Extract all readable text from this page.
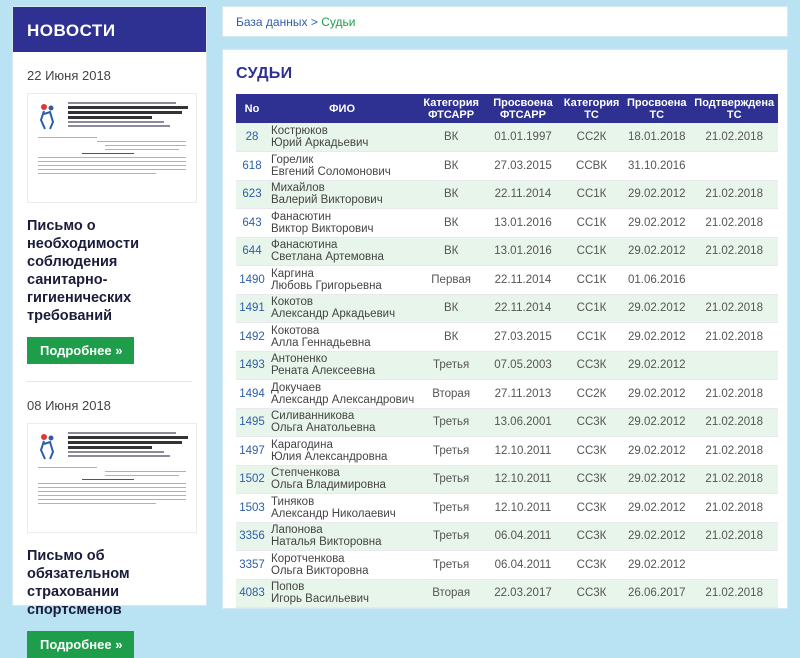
НОВОСТИ
22 Июня 2018
Письмо о необходимости соблюдения санитарно-гигиенических требований
Подробнее »
08 Июня 2018
Письмо об обязательном страховании спортсменов
Подробнее »
База данных > Судьи
СУДЬИ
No	ФИО	Категория ФТСАРР	Просвоена ФТСАРР	Категория ТС	Просвоена ТС	Подтверждена ТС
28	Кострюков
Юрий Аркадьевич	ВК	01.01.1997	СС2К	18.01.2018	21.02.2018
618	Горелик
Евгений Соломонович	ВК	27.03.2015	ССВК	31.10.2016	
623	Михайлов
Валерий Викторович	ВК	22.11.2014	СС1К	29.02.2012	21.02.2018
643	Фанасютин
Виктор Викторович	ВК	13.01.2016	СС1К	29.02.2012	21.02.2018
644	Фанасютина
Светлана Артемовна	ВК	13.01.2016	СС1К	29.02.2012	21.02.2018
1490	Каргина
Любовь Григорьевна	Первая	22.11.2014	СС1К	01.06.2016	
1491	Кокотов
Александр Аркадьевич	ВК	22.11.2014	СС1К	29.02.2012	21.02.2018
1492	Кокотова
Алла Геннадьевна	ВК	27.03.2015	СС1К	29.02.2012	21.02.2018
1493	Антоненко
Рената Алексеевна	Третья	07.05.2003	СС3К	29.02.2012	
1494	Докучаев
Александр Александрович	Вторая	27.11.2013	СС2К	29.02.2012	21.02.2018
1495	Силиванникова
Ольга Анатольевна	Третья	13.06.2001	СС3К	29.02.2012	21.02.2018
1497	Карагодина
Юлия Александровна	Третья	12.10.2011	СС3К	29.02.2012	21.02.2018
1502	Степченкова
Ольга Владимировна	Третья	12.10.2011	СС3К	29.02.2012	21.02.2018
1503	Тиняков
Александр Николаевич	Третья	12.10.2011	СС3К	29.02.2012	21.02.2018
3356	Лапонова
Наталья Викторовна	Третья	06.04.2011	СС3К	29.02.2012	21.02.2018
3357	Коротченкова
Ольга Викторовна	Третья	06.04.2011	СС3К	29.02.2012	
4083	Попов
Игорь Васильевич	Вторая	22.03.2017	СС3К	26.06.2017	21.02.2018
